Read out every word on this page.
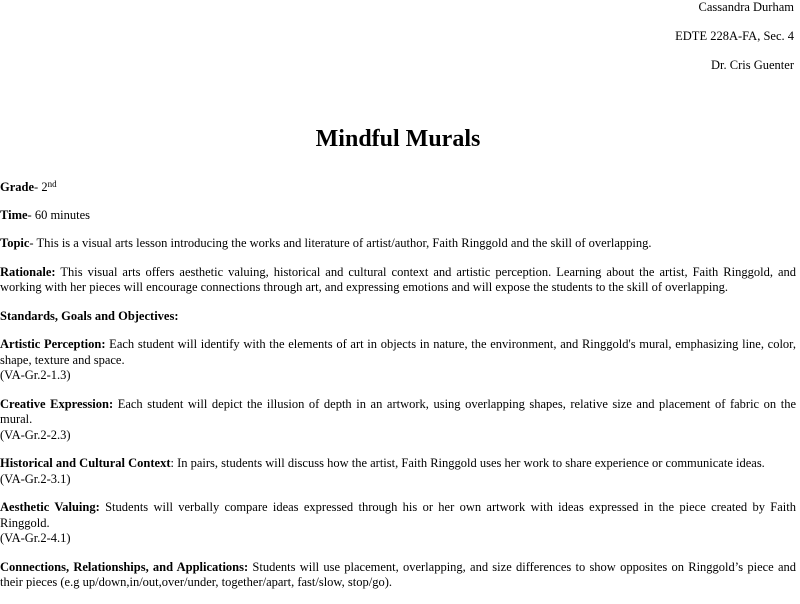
Cassandra Durham
EDTE 228A-FA, Sec. 4
Dr. Cris Guenter
Mindful Murals

Grade- 2nd

Time- 60 minutes

Topic- This is a visual arts lesson introducing the works and literature of artist/author, Faith Ringgold and the skill of overlapping.

Rationale: This visual arts offers aesthetic valuing, historical and cultural context and artistic perception. Learning about the artist, Faith Ringgold, and working with her pieces will encourage connections through art, and expressing emotions and will expose the students to the skill of overlapping.

Standards, Goals and Objectives:

Artistic Perception: Each student will identify with the elements of art in objects in nature, the environment, and Ringgold's mural, emphasizing line, color, shape, texture and space.
(VA-Gr.2-1.3)

Creative Expression: Each student will depict the illusion of depth in an artwork, using overlapping shapes, relative size and placement of fabric on the mural.
(VA-Gr.2-2.3)

Historical and Cultural Context: In pairs, students will discuss how the artist, Faith Ringgold uses her work to share experience or communicate ideas.
(VA-Gr.2-3.1)

Aesthetic Valuing: Students will verbally compare ideas expressed through his or her own artwork with ideas expressed in the piece created by Faith Ringgold.
(VA-Gr.2-4.1)

Connections, Relationships, and Applications: Students will use placement, overlapping, and size differences to show opposites on Ringgold’s piece and their pieces (e.g up/down,in/out,over/under, together/apart, fast/slow, stop/go).
